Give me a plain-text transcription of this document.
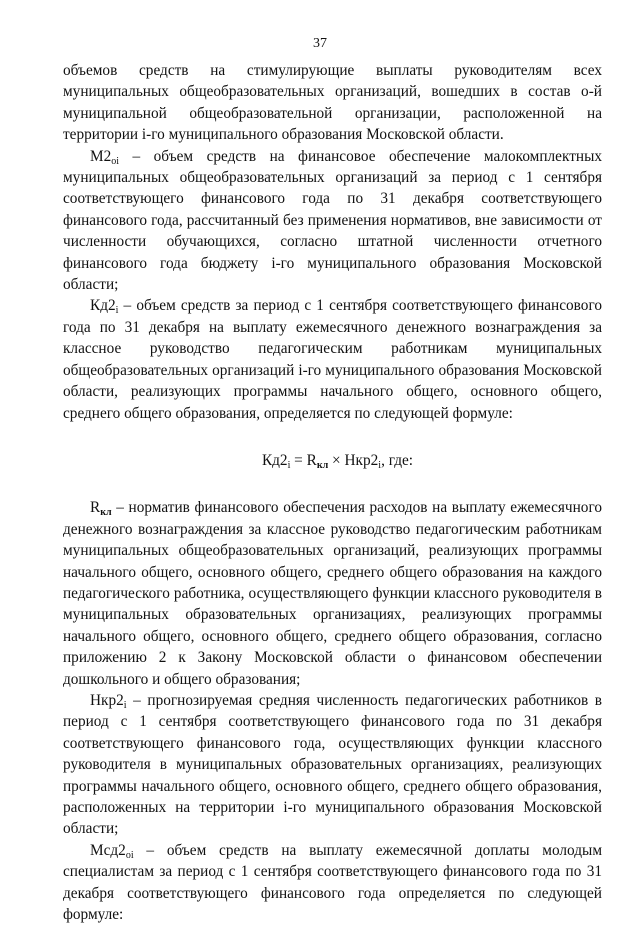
37

объемов средств на стимулирующие выплаты руководителям всех муниципальных общеобразовательных организаций, вошедших в состав о-й муниципальной общеобразовательной организации, расположенной на территории i-го муниципального образования Московской области.

$М2_{oi}$ – объем средств на финансовое обеспечение малокомплектных муниципальных общеобразовательных организаций за период с 1 сентября соответствующего финансового года по 31 декабря соответствующего финансового года, рассчитанный без применения нормативов, вне зависимости от численности обучающихся, согласно штатной численности отчетного финансового года бюджету i-го муниципального образования Московской области;

$Кд2_i$ – объем средств за период с 1 сентября соответствующего финансового года по 31 декабря на выплату ежемесячного денежного вознаграждения за классное руководство педагогическим работникам муниципальных общеобразовательных организаций i-го муниципального образования Московской области, реализующих программы начального общего, основного общего, среднего общего образования, определяется по следующей формуле:

$Кд2_i = R_{кл} \times Нкр2_i$, где:

$R_{кл}$ – норматив финансового обеспечения расходов на выплату ежемесячного денежного вознаграждения за классное руководство педагогическим работникам муниципальных общеобразовательных организаций, реализующих программы начального общего, основного общего, среднего общего образования на каждого педагогического работника, осуществляющего функции классного руководителя в муниципальных образовательных организациях, реализующих программы начального общего, основного общего, среднего общего образования, согласно приложению 2 к Закону Московской области о финансовом обеспечении дошкольного и общего образования;

$Нкр2_i$ – прогнозируемая средняя численность педагогических работников в период с 1 сентября соответствующего финансового года по 31 декабря соответствующего финансового года, осуществляющих функции классного руководителя в муниципальных образовательных организациях, реализующих программы начального общего, основного общего, среднего общего образования, расположенных на территории i-го муниципального образования Московской области;

$Мсд2_{oi}$ – объем средств на выплату ежемесячной доплаты молодым специалистам за период с 1 сентября соответствующего финансового года по 31 декабря соответствующего финансового года определяется по следующей формуле:
